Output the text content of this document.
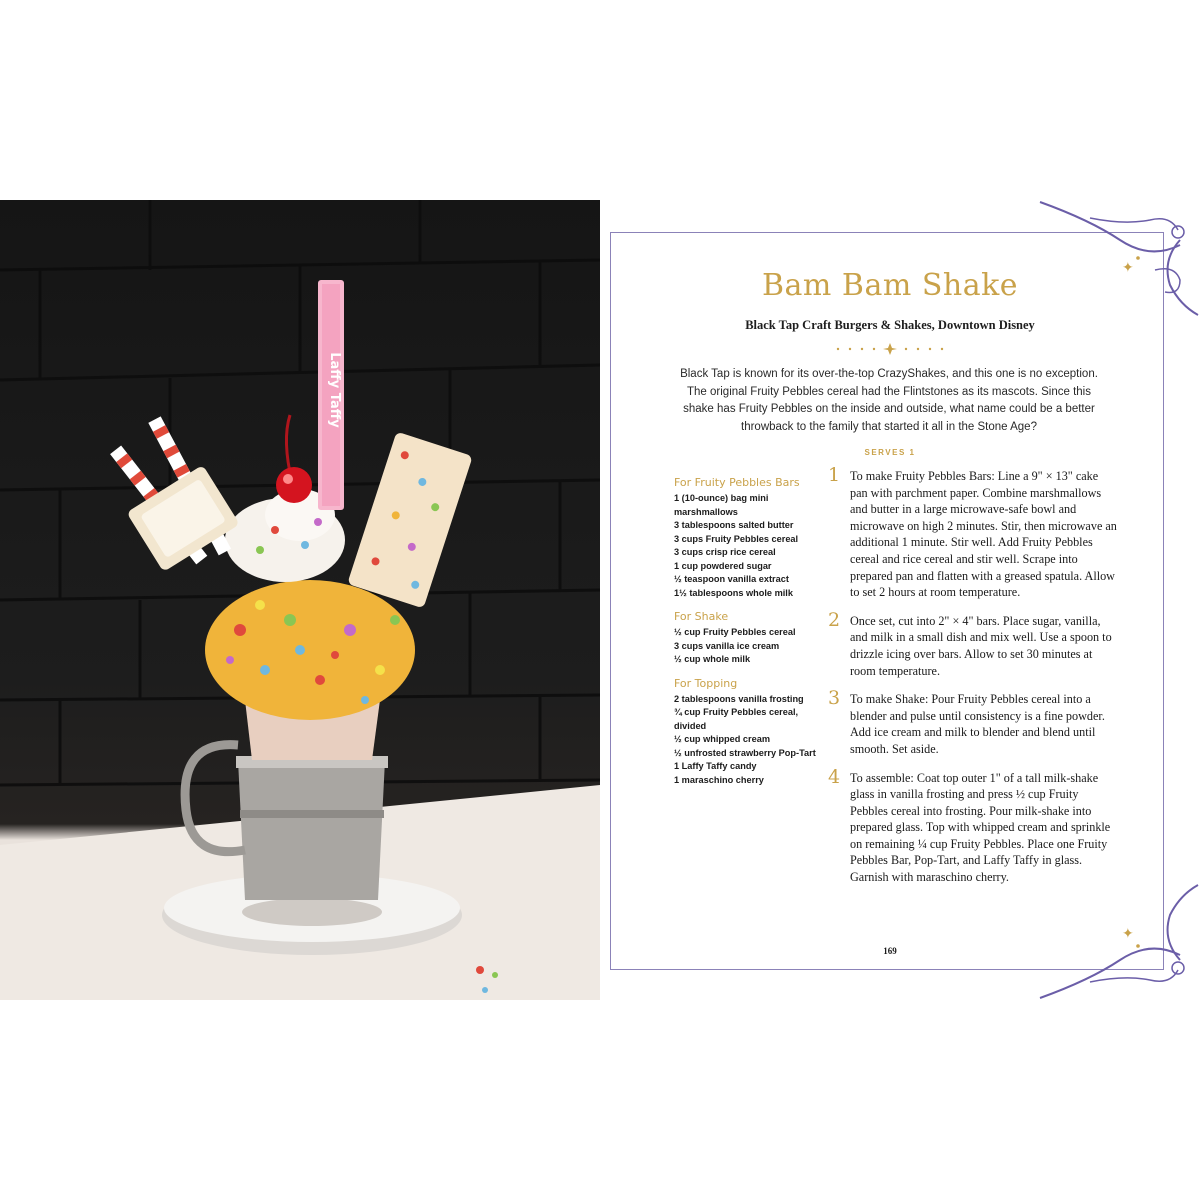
Laffy Taffy
✦
✦
Bam Bam Shake
Black Tap Craft Burgers & Shakes, Downtown Disney
Black Tap is known for its over-the-top CrazyShakes, and this one is no exception. The original Fruity Pebbles cereal had the Flintstones as its mascots. Since this shake has Fruity Pebbles on the inside and outside, what name could be a better throwback to the family that started it all in the Stone Age?
SERVES 1
For Fruity Pebbles Bars
1 (10-ounce) bag mini marshmallows
3 tablespoons salted butter
3 cups Fruity Pebbles cereal
3 cups crisp rice cereal
1 cup powdered sugar
½ teaspoon vanilla extract
1½ tablespoons whole milk
For Shake
½ cup Fruity Pebbles cereal
3 cups vanilla ice cream
½ cup whole milk
For Topping
2 tablespoons vanilla frosting
¾ cup Fruity Pebbles cereal, divided
½ cup whipped cream
½ unfrosted strawberry Pop-Tart
1 Laffy Taffy candy
1 maraschino cherry
1 To make Fruity Pebbles Bars: Line a 9" × 13" cake pan with parchment paper. Combine marshmallows and butter in a large microwave-safe bowl and microwave on high 2 minutes. Stir, then microwave an additional 1 minute. Stir well. Add Fruity Pebbles cereal and rice cereal and stir well. Scrape into prepared pan and flatten with a greased spatula. Allow to set 2 hours at room temperature.
2 Once set, cut into 2" × 4" bars. Place sugar, vanilla, and milk in a small dish and mix well. Use a spoon to drizzle icing over bars. Allow to set 30 minutes at room temperature.
3 To make Shake: Pour Fruity Pebbles cereal into a blender and pulse until consistency is a fine powder. Add ice cream and milk to blender and blend until smooth. Set aside.
4 To assemble: Coat top outer 1" of a tall milk-shake glass in vanilla frosting and press ½ cup Fruity Pebbles cereal into frosting. Pour milk-shake into prepared glass. Top with whipped cream and sprinkle on remaining ¼ cup Fruity Pebbles. Place one Fruity Pebbles Bar, Pop-Tart, and Laffy Taffy in glass. Garnish with maraschino cherry.
169
